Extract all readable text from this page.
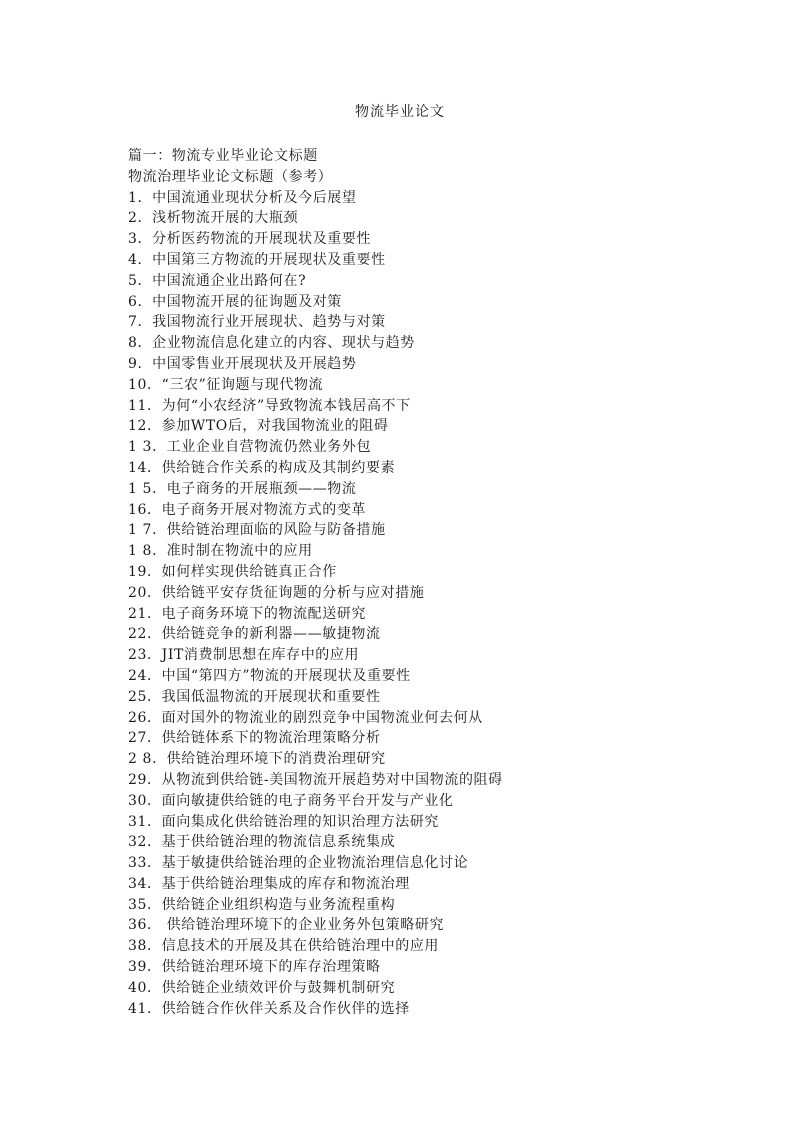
物流毕业论文
篇一：物流专业毕业论文标题
物流治理毕业论文标题（参考）
1．中国流通业现状分析及今后展望
2．浅析物流开展的大瓶颈
3．分析医药物流的开展现状及重要性
4．中国第三方物流的开展现状及重要性
5．中国流通企业出路何在?
6．中国物流开展的征询题及对策
7．我国物流行业开展现状、趋势与对策
8．企业物流信息化建立的内容、现状与趋势
9．中国零售业开展现状及开展趋势
10．“三农”征询题与现代物流
11．为何“小农经济”导致物流本钱居高不下
12．参加WTO后，对我国物流业的阻碍
1 3．工业企业自营物流仍然业务外包
14．供给链合作关系的构成及其制约要素
1 5．电子商务的开展瓶颈——物流
16．电子商务开展对物流方式的变革
1 7．供给链治理面临的风险与防备措施
1 8．准时制在物流中的应用
19．如何样实现供给链真正合作
20．供给链平安存货征询题的分析与应对措施
21．电子商务环境下的物流配送研究
22．供给链竞争的新利器——敏捷物流
23．JIT消费制思想在库存中的应用
24．中国“第四方”物流的开展现状及重要性
25．我国低温物流的开展现状和重要性
26．面对国外的物流业的剧烈竞争中国物流业何去何从
27．供给链体系下的物流治理策略分析
2 8．供给链治理环境下的消费治理研究
29．从物流到供给链-美国物流开展趋势对中国物流的阻碍
30．面向敏捷供给链的电子商务平台开发与产业化
31．面向集成化供给链治理的知识治理方法研究
32．基于供给链治理的物流信息系统集成
33．基于敏捷供给链治理的企业物流治理信息化讨论
34．基于供给链治理集成的库存和物流治理
35．供给链企业组织构造与业务流程重构
36． 供给链治理环境下的企业业务外包策略研究
38．信息技术的开展及其在供给链治理中的应用
39．供给链治理环境下的库存治理策略
40．供给链企业绩效评价与鼓舞机制研究
41．供给链合作伙伴关系及合作伙伴的选择
